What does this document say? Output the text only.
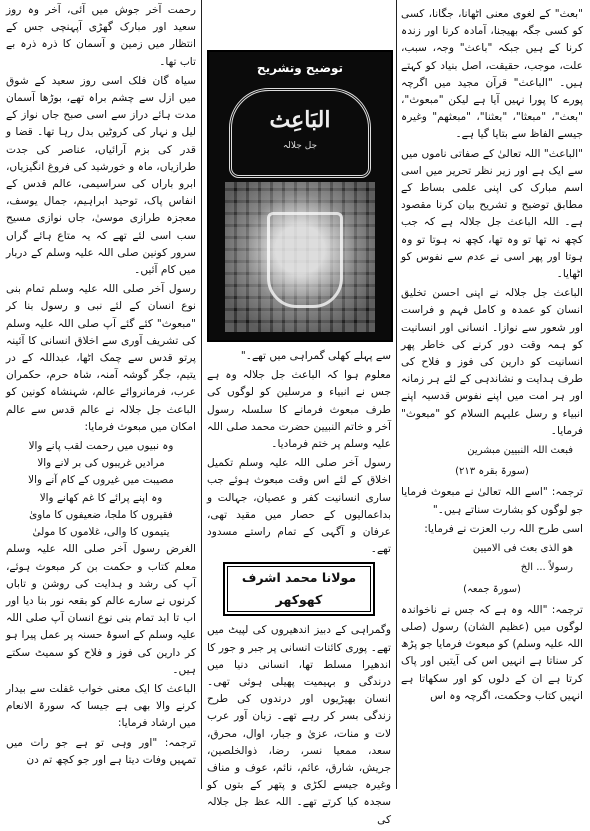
"بعث" کے لغوی معنی اٹھانا، جگانا، کسی کو کسی جگہ بھیجنا، آمادہ کرنا اور زندہ کرنا کے ہیں جبکہ "باعث" وجہ، سبب، علت، موجب، حقیقت، اصل بنیاد کو کہتے ہیں۔ "الباعث" قرآن مجید میں اگرچہ پورے کا پورا نہیں آیا ہے لیکن "مبعوث"، "بعث"، "مبعثا"، "بعثنا"، "مبعثهم" وغیرہ جیسے الفاظ سے بتایا گیا ہے۔

"الباعث" اللہ تعالیٰ کے صفاتی ناموں میں سے ایک ہے اور زیر نظر تحریر میں اسی اسم مبارک کی اپنی علمی بساط کے مطابق توضیح و تشریح بیان کرنا مقصود ہے۔ اللہ الباعث جل جلالہ ہے کہ جب کچھ نہ تھا تو وہ تھا، کچھ نہ ہوتا تو وہ ہوتا اور پھر اسی نے عدم سے نفوس کو اٹھایا۔

الباعث جل جلالہ نے اپنی احسن تخلیق انسان کو عمدہ و کامل فہم و فراست اور شعور سے نوازا۔ انسانی اور انسانیت کو ہمہ وقت دور کرنے کی خاطر پھر انسانیت کو دارین کی فوز و فلاح کی طرف ہدایت و نشاندہی کے لئے ہر زمانہ اور ہر امت میں اپنے نفوس قدسیہ اپنے انبیاء و رسل علیہم السلام کو "مبعوث" فرمایا۔

فبعث اللہ النبیین مبشرین

(سورۃ بقرہ ۲۱۳)

ترجمہ: "اسے اللہ تعالیٰ نے مبعوث فرمایا جو لوگوں کو بشارت سناتے ہیں۔"

اسی طرح اللہ رب العزت نے فرمایا:

ھو الذی بعث فی الامیین

رسولاً ... الخ

(سورۃ جمعہ)

ترجمہ: "اللہ وہ ہے کہ جس نے ناخواندہ لوگوں میں (عظیم الشان) رسول (صلی اللہ علیہ وسلم) کو مبعوث فرمایا جو پڑھ کر سناتا ہے انہیں اس کی آیتیں اور پاک کرتا ہے ان کے دلوں کو اور سکھاتا ہے انہیں کتاب وحکمت، اگرچہ وہ اس

توضیح وتشریح
البَاعِث
جل جلالہ

سے پہلے کھلی گمراہی میں تھے۔"

معلوم ہوا کہ الباعث جل جلالہ وہ ہے جس نے انبیاء و مرسلین کو لوگوں کی طرف مبعوث فرمانے کا سلسلہ رسول آخر و خاتم النبیین حضرت محمد صلی اللہ علیہ وسلم پر ختم فرمادیا۔

رسول آخر صلی اللہ علیہ وسلم تکمیل اخلاق کے لئے اس وقت مبعوث ہوئے جب ساری انسانیت کفر و عصیان، جہالت و بداعمالیوں کے حصار میں مقید تھی، عرفان و آگہی کے تمام راستے مسدود تھے۔

مولانا محمد اشرف کھوکھر

وگمراہی کے دبیز اندھیروں کی لپیٹ میں تھے۔ پوری کائنات انسانی پر جبر و جور کا اندھیرا مسلط تھا، انسانی دنیا میں درندگی و بہیمیت پھیلی ہوئی تھی۔ انسان بھیڑیوں اور درندوں کی طرح زندگی بسر کر رہے تھے۔ زبان آور عرب لات و منات، عزیٰ و جبار، اوال، محرق، سعد، ممعیا نسر، رضا، ذوالخلصین، جریش، شارق، عائم، نائم، عوف و مناف وغیرہ جیسے لکڑی و پتھر کے بتوں کو سجدہ کیا کرتے تھے۔ اللہ عظ جل جلالہ کی

رحمت آخر جوش میں آئی، آخر وہ روز سعید اور مبارک گھڑی آپہنچی جس کے انتظار میں زمین و آسمان کا ذرہ ذرہ بے تاب تھا۔

سیاہ گان فلک اسی روز سعید کے شوق میں ازل سے چشم براہ تھے، بوڑھا آسمان مدت ہائے دراز سے اسی صبح جاں نواز کے لیل و نہار کی کروٹیں بدل رہا تھا۔ قضا و قدر کی بزم آرائیاں، عناصر کی جدت طرازیاں، ماہ و خورشید کی فروغ انگیزیاں، ابرو باراں کی سراسیمی، عالم قدس کے انفاس پاک، توحید ابراہیم، جمال یوسف، معجزہ طرازی موسیٰ، جاں نوازی مسیح سب اسی لئے تھے کہ یہ متاع ہائے گراں سرور کونین صلی اللہ علیہ وسلم کے دربار میں کام آئیں۔

رسول آخر صلی اللہ علیہ وسلم تمام بنی نوع انسان کے لئے نبی و رسول بنا کر "مبعوث" کئے گئے آپ صلی اللہ علیہ وسلم کی تشریف آوری سے اخلاق انسانی کا آئینہ پرتو قدس سے چمک اٹھا، عبداللہ کے در یتیم، جگر گوشہ آمنہ، شاہ حرم، حکمران عرب، فرمانروائے عالم، شہنشاہ کونین کو الباعث جل جلالہ نے عالم قدس سے عالم امکان میں مبعوث فرمایا:

وہ نبیوں میں رحمت لقب پانے والا

مرادیں غریبوں کی بر لانے والا

مصیبت میں غیروں کے کام آنے والا

وہ اپنے پرائے کا غم کھانے والا

فقیروں کا ملجا، ضعیفوں کا ماویٰ

یتیموں کا والی، غلاموں کا مولیٰ

الغرض رسول آخر صلی اللہ علیہ وسلم معلم کتاب و حکمت بن کر مبعوث ہوئے، آپ کی رشد و ہدایت کی روشن و تاباں کرنوں نے سارے عالم کو بقعہ نور بنا دیا اور اب تا ابد تمام بنی نوع انسان آپ صلی اللہ علیہ وسلم کے اسوۂ حسنہ پر عمل پیرا ہو کر دارین کی فوز و فلاح کو سمیٹ سکتے ہیں۔

الباعث کا ایک معنی خواب غفلت سے بیدار کرنے والا بھی ہے جیسا کہ سورۃ الانعام میں ارشاد فرمایا:

ترجمہ: "اور وہی تو ہے جو رات میں تمہیں وفات دیتا ہے اور جو کچھ تم دن
